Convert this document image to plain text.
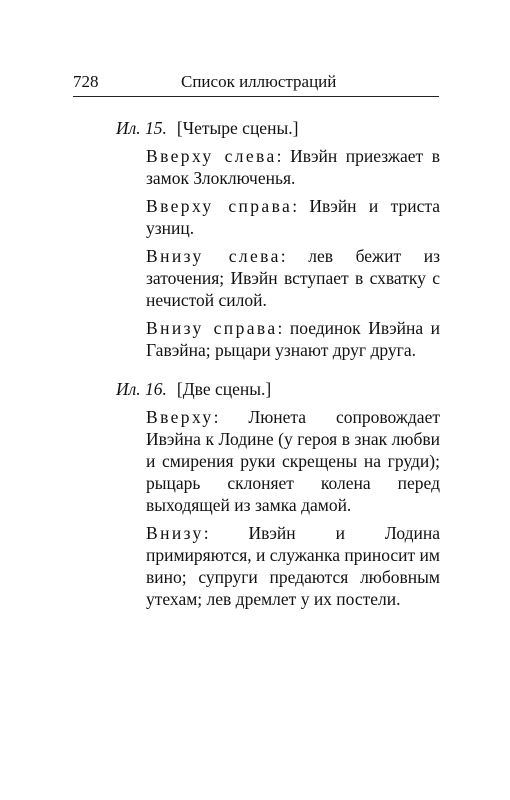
728	Список иллюстраций

Ил. 15. [Четыре сцены.]

Вверху слева: Ивэйн приезжает в замок Злоключенья.

Вверху справа: Ивэйн и триста узниц.

Внизу слева: лев бежит из заточения; Ивэйн вступает в схватку с нечистой силой.

Внизу справа: поединок Ивэйна и Гавэйна; рыцари узнают друг друга.

Ил. 16. [Две сцены.]

Вверху: Люнета сопровождает Ивэйна к Лодине (у героя в знак любви и смирения руки скрещены на груди); рыцарь склоняет колена перед выходящей из замка дамой.

Внизу: Ивэйн и Лодина примиряются, и служанка приносит им вино; супруги предаются любовным утехам; лев дремлет у их постели.
